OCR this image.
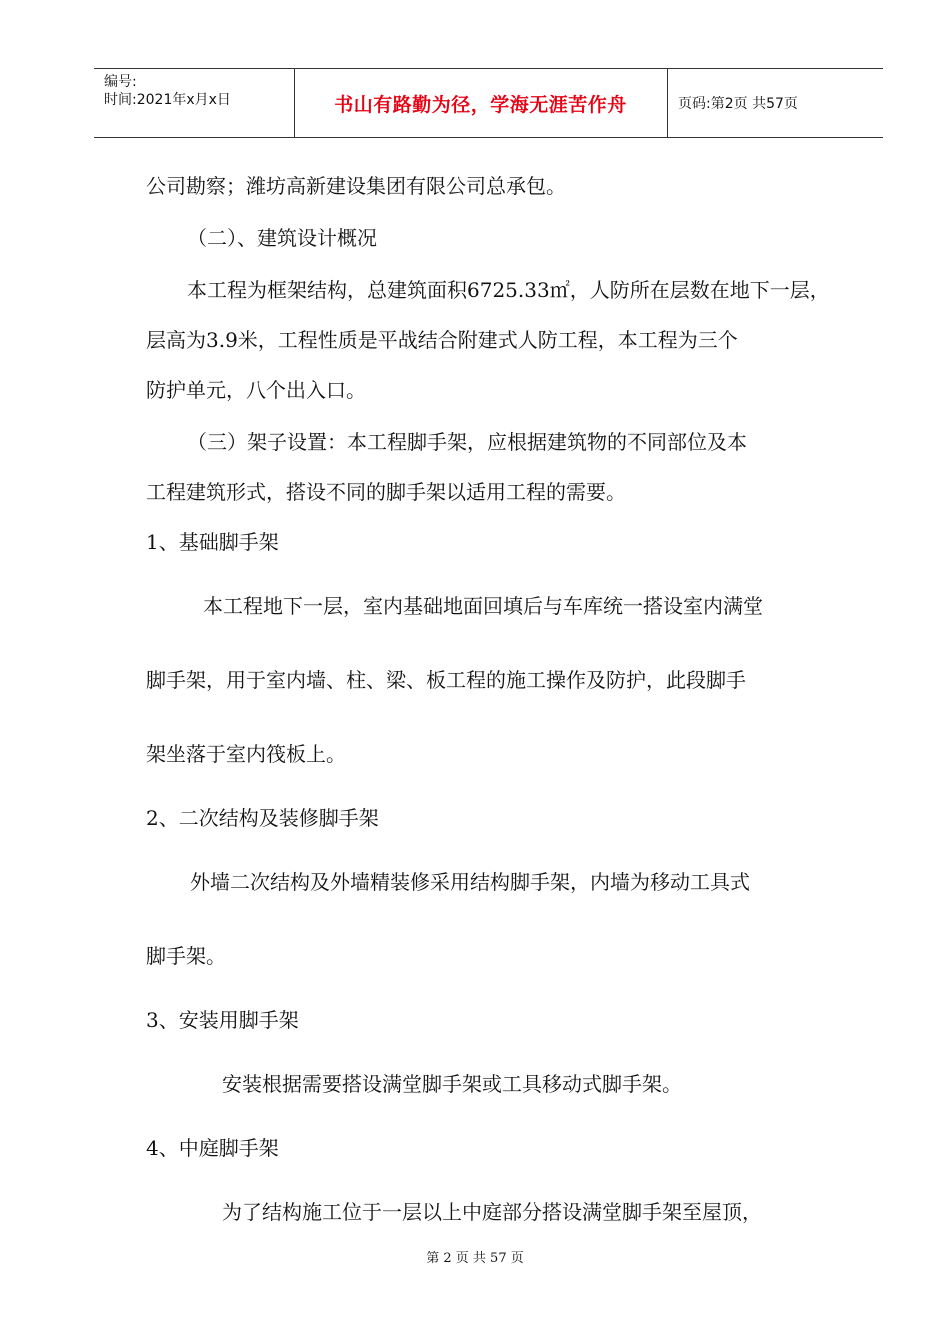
编号:
时间:2021年x月x日	书山有路勤为径，学海无涯苦作舟	页码:第2页 共57页
公司勘察；潍坊高新建设集团有限公司总承包。
（二）、建筑设计概况
本工程为框架结构，总建筑面积6725.33㎡，人防所在层数在地下一层，
层高为3.9米，工程性质是平战结合附建式人防工程，本工程为三个
防护单元，八个出入口。
（三）架子设置：本工程脚手架，应根据建筑物的不同部位及本
工程建筑形式，搭设不同的脚手架以适用工程的需要。
1、基础脚手架
本工程地下一层，室内基础地面回填后与车库统一搭设室内满堂
脚手架，用于室内墙、柱、梁、板工程的施工操作及防护，此段脚手
架坐落于室内筏板上。
2、二次结构及装修脚手架
外墙二次结构及外墙精装修采用结构脚手架，内墙为移动工具式
脚手架。
3、安装用脚手架
安装根据需要搭设满堂脚手架或工具移动式脚手架。
4、中庭脚手架
为了结构施工位于一层以上中庭部分搭设满堂脚手架至屋顶，
第 2 页 共 57 页
